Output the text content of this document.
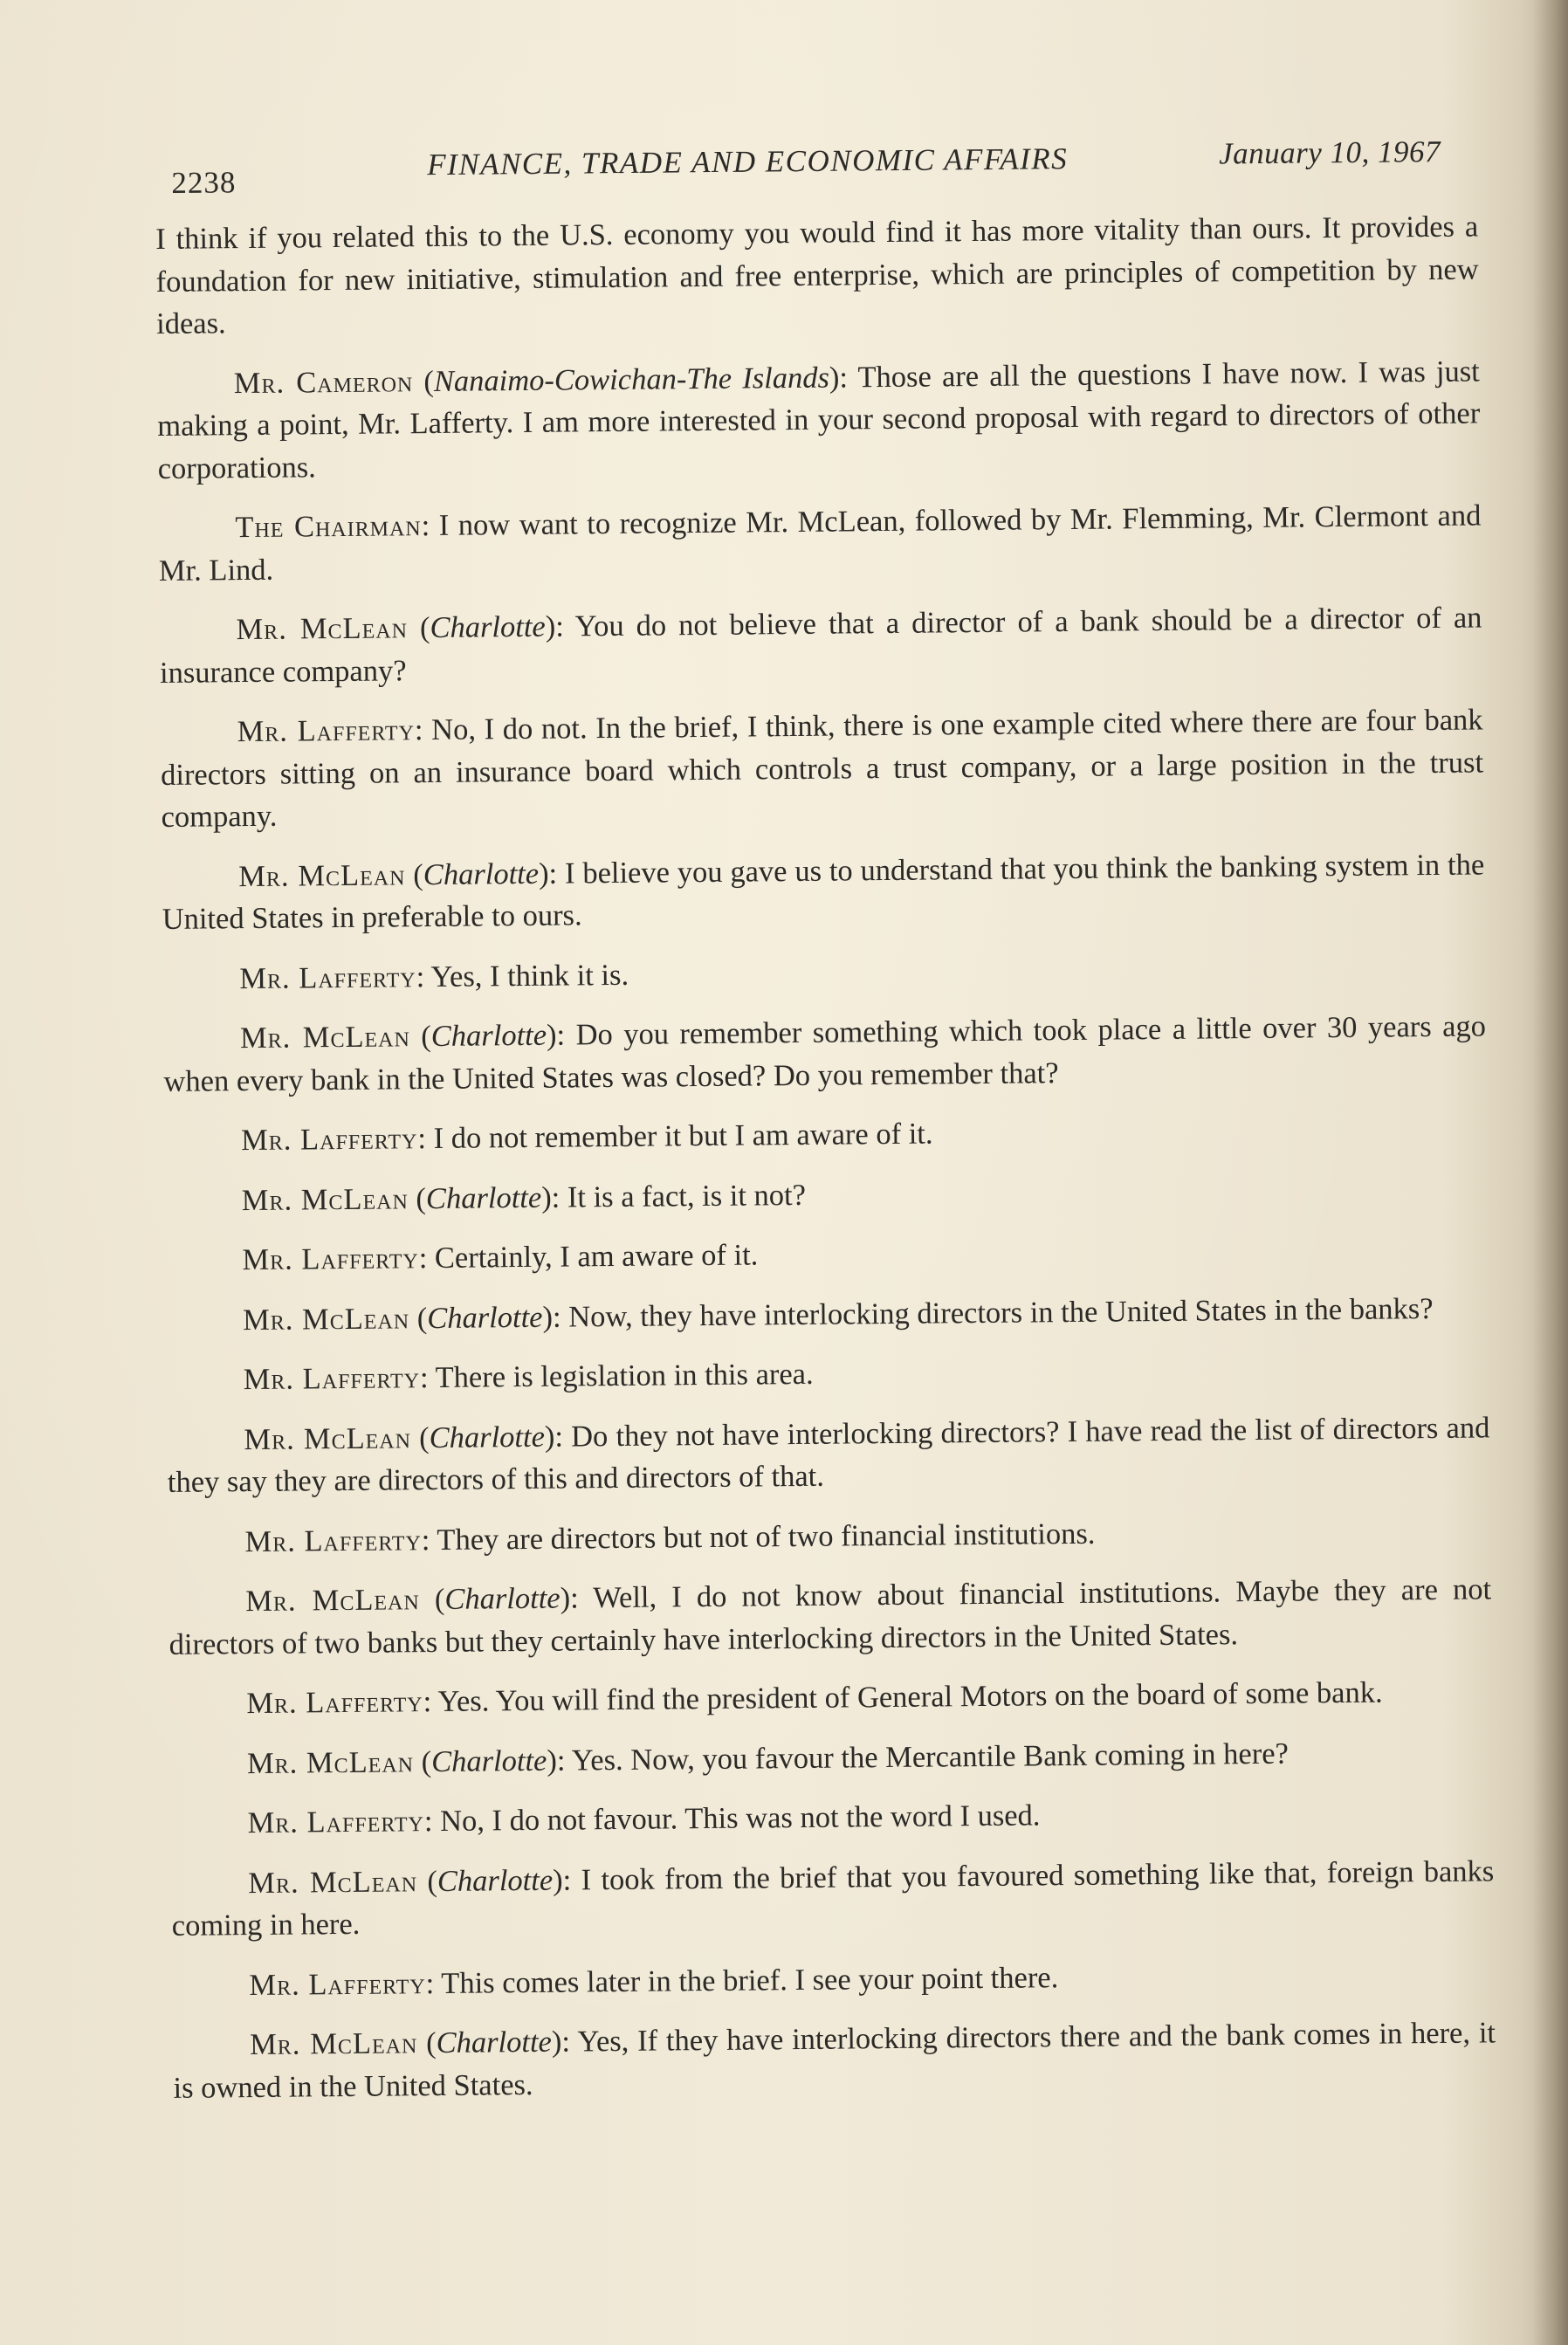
2238
FINANCE, TRADE AND ECONOMIC AFFAIRS	January 10, 1967

I think if you related this to the U.S. economy you would find it has more vitality than ours. It provides a foundation for new initiative, stimulation and free enterprise, which are principles of competition by new ideas.

Mr. Cameron (Nanaimo-Cowichan-The Islands): Those are all the questions I have now. I was just making a point, Mr. Lafferty. I am more interested in your second proposal with regard to directors of other corporations.

The Chairman: I now want to recognize Mr. McLean, followed by Mr. Flemming, Mr. Clermont and Mr. Lind.

Mr. McLean (Charlotte): You do not believe that a director of a bank should be a director of an insurance company?

Mr. Lafferty: No, I do not. In the brief, I think, there is one example cited where there are four bank directors sitting on an insurance board which controls a trust company, or a large position in the trust company.

Mr. McLean (Charlotte): I believe you gave us to understand that you think the banking system in the United States in preferable to ours.

Mr. Lafferty: Yes, I think it is.

Mr. McLean (Charlotte): Do you remember something which took place a little over 30 years ago when every bank in the United States was closed? Do you remember that?

Mr. Lafferty: I do not remember it but I am aware of it.

Mr. McLean (Charlotte): It is a fact, is it not?

Mr. Lafferty: Certainly, I am aware of it.

Mr. McLean (Charlotte): Now, they have interlocking directors in the United States in the banks?

Mr. Lafferty: There is legislation in this area.

Mr. McLean (Charlotte): Do they not have interlocking directors? I have read the list of directors and they say they are directors of this and directors of that.

Mr. Lafferty: They are directors but not of two financial institutions.

Mr. McLean (Charlotte): Well, I do not know about financial institutions. Maybe they are not directors of two banks but they certainly have interlocking directors in the United States.

Mr. Lafferty: Yes. You will find the president of General Motors on the board of some bank.

Mr. McLean (Charlotte): Yes. Now, you favour the Mercantile Bank coming in here?

Mr. Lafferty: No, I do not favour. This was not the word I used.

Mr. McLean (Charlotte): I took from the brief that you favoured something like that, foreign banks coming in here.

Mr. Lafferty: This comes later in the brief. I see your point there.

Mr. McLean (Charlotte): Yes, If they have interlocking directors there and the bank comes in here, it is owned in the United States.
